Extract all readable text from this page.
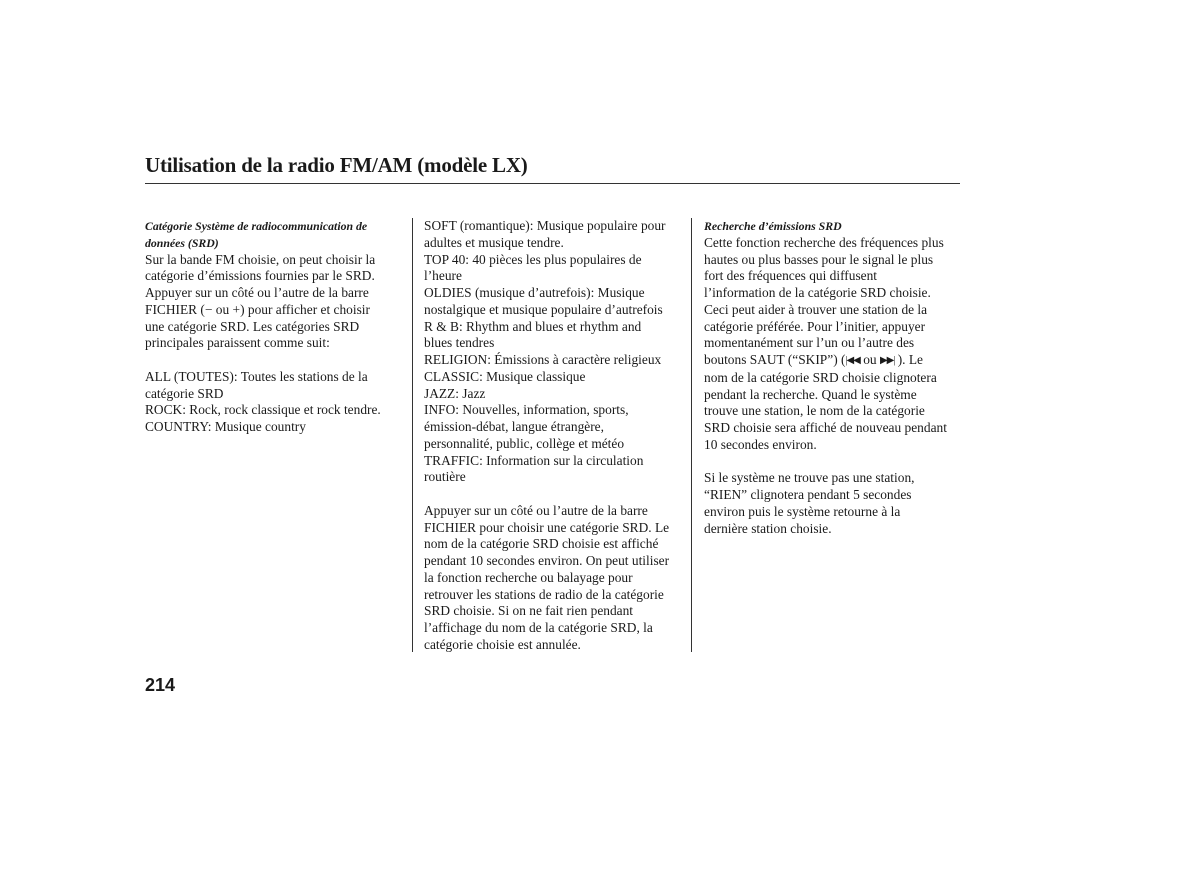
Utilisation de la radio FM/AM (modèle LX)

Catégorie Système de radiocommunication de données (SRD)

Sur la bande FM choisie, on peut choisir la

catégorie d’émissions fournies par le SRD.

Appuyer sur un côté ou l’autre de la barre

FICHIER (− ou +) pour afficher et choisir

une catégorie SRD. Les catégories SRD

principales paraissent comme suit:

ALL (TOUTES): Toutes les stations de la

catégorie SRD

ROCK: Rock, rock classique et rock tendre.

COUNTRY: Musique country

SOFT (romantique): Musique populaire pour

adultes et musique tendre.

TOP 40: 40 pièces les plus populaires de

l’heure

OLDIES (musique d’autrefois): Musique

nostalgique et musique populaire d’autrefois

R & B: Rhythm and blues et rhythm and

blues tendres

RELIGION: Émissions à caractère religieux

CLASSIC: Musique classique

JAZZ: Jazz

INFO: Nouvelles, information, sports,

émission-débat, langue étrangère,

personnalité, public, collège et météo

TRAFFIC: Information sur la circulation

routière

Appuyer sur un côté ou l’autre de la barre

FICHIER pour choisir une catégorie SRD. Le

nom de la catégorie SRD choisie est affiché

pendant 10 secondes environ. On peut utiliser

la fonction recherche ou balayage pour

retrouver les stations de radio de la catégorie

SRD choisie. Si on ne fait rien pendant

l’affichage du nom de la catégorie SRD, la

catégorie choisie est annulée.

Recherche d’émissions SRD

Cette fonction recherche des fréquences plus

hautes ou plus basses pour le signal le plus

fort des fréquences qui diffusent

l’information de la catégorie SRD choisie.

Ceci peut aider à trouver une station de la

catégorie préférée. Pour l’initier, appuyer

momentanément sur l’un ou l’autre des

boutons SAUT (“SKIP”) (|◀◀ ou ▶▶| ). Le

nom de la catégorie SRD choisie clignotera

pendant la recherche. Quand le système

trouve une station, le nom de la catégorie

SRD choisie sera affiché de nouveau pendant

10 secondes environ.

Si le système ne trouve pas une station,

“RIEN” clignotera pendant 5 secondes

environ puis le système retourne à la

dernière station choisie.

214
